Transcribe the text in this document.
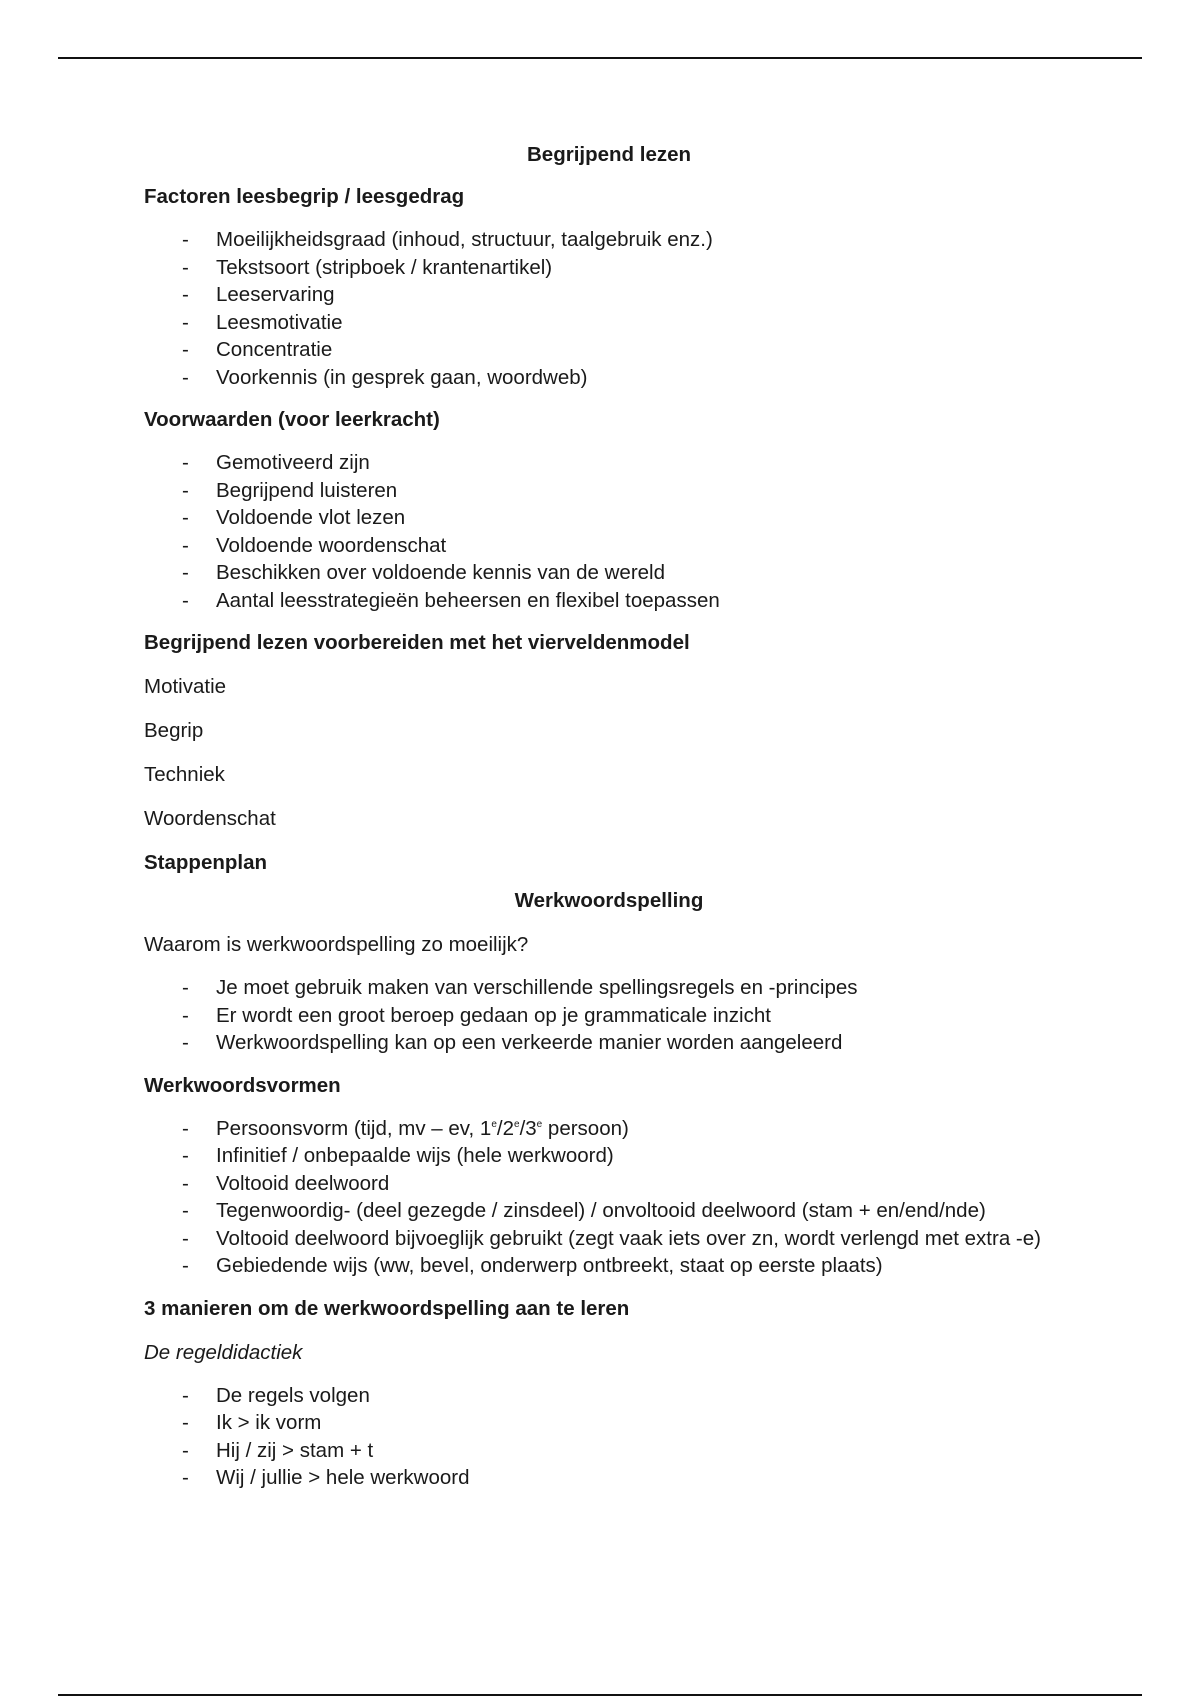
Begrijpend lezen

Factoren leesbegrip / leesgedrag

- Moeilijkheidsgraad (inhoud, structuur, taalgebruik enz.)
- Tekstsoort (stripboek / krantenartikel)
- Leeservaring
- Leesmotivatie
- Concentratie
- Voorkennis (in gesprek gaan, woordweb)

Voorwaarden (voor leerkracht)

- Gemotiveerd zijn
- Begrijpend luisteren
- Voldoende vlot lezen
- Voldoende woordenschat
- Beschikken over voldoende kennis van de wereld
- Aantal leesstrategieën beheersen en flexibel toepassen

Begrijpend lezen voorbereiden met het vierveldenmodel

Motivatie

Begrip

Techniek

Woordenschat

Stappenplan

Werkwoordspelling

Waarom is werkwoordspelling zo moeilijk?

- Je moet gebruik maken van verschillende spellingsregels en -principes
- Er wordt een groot beroep gedaan op je grammaticale inzicht
- Werkwoordspelling kan op een verkeerde manier worden aangeleerd

Werkwoordsvormen

- Persoonsvorm (tijd, mv – ev, 1e/2e/3e persoon)
- Infinitief / onbepaalde wijs (hele werkwoord)
- Voltooid deelwoord
- Tegenwoordig- (deel gezegde / zinsdeel) / onvoltooid deelwoord (stam + en/end/nde)
- Voltooid deelwoord bijvoeglijk gebruikt (zegt vaak iets over zn, wordt verlengd met extra -e)
- Gebiedende wijs (ww, bevel, onderwerp ontbreekt, staat op eerste plaats)

3 manieren om de werkwoordspelling aan te leren

De regeldidactiek

- De regels volgen
- Ik > ik vorm
- Hij / zij > stam + t
- Wij / jullie > hele werkwoord
